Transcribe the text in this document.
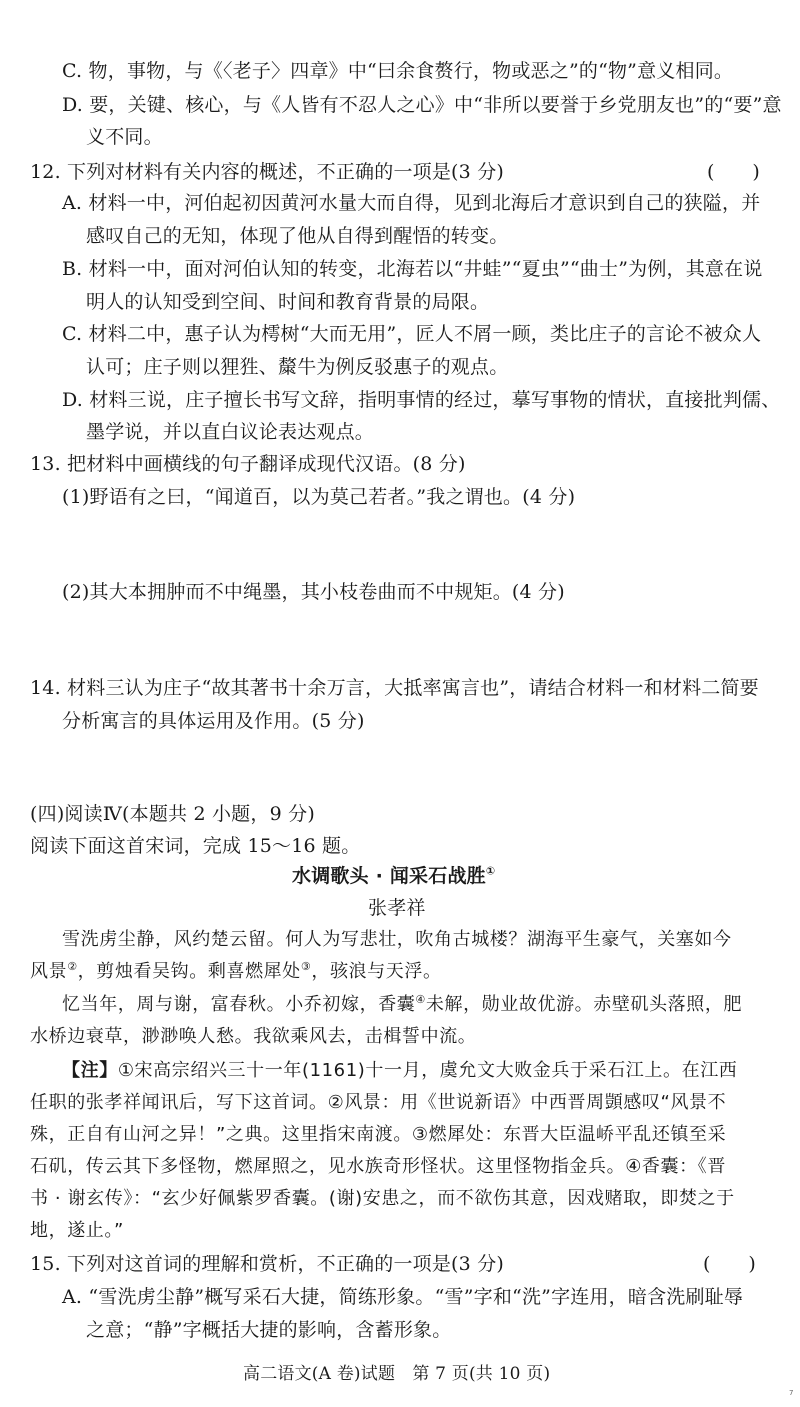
C. 物，事物，与《〈老子〉四章》中“曰余食赘行，物或恶之”的“物”意义相同。
D. 要，关键、核心，与《人皆有不忍人之心》中“非所以要誉于乡党朋友也”的“要”意
义不同。
12. 下列对材料有关内容的概述，不正确的一项是(3 分)	(　　)
A. 材料一中，河伯起初因黄河水量大而自得，见到北海后才意识到自己的狭隘，并
感叹自己的无知，体现了他从自得到醒悟的转变。
B. 材料一中，面对河伯认知的转变，北海若以“井蛙”“夏虫”“曲士”为例，其意在说
明人的认知受到空间、时间和教育背景的局限。
C. 材料二中，惠子认为樗树“大而无用”，匠人不屑一顾，类比庄子的言论不被众人
认可；庄子则以狸狌、斄牛为例反驳惠子的观点。
D. 材料三说，庄子擅长书写文辞，指明事情的经过，摹写事物的情状，直接批判儒、
墨学说，并以直白议论表达观点。
13. 把材料中画横线的句子翻译成现代汉语。(8 分)
(1)野语有之曰，“闻道百，以为莫己若者。”我之谓也。(4 分)
(2)其大本拥肿而不中绳墨，其小枝卷曲而不中规矩。(4 分)
14. 材料三认为庄子“故其著书十余万言，大抵率寓言也”，请结合材料一和材料二简要
分析寓言的具体运用及作用。(5 分)
(四)阅读Ⅳ(本题共 2 小题，9 分)
阅读下面这首宋词，完成 15～16 题。
水调歌头 · 闻采石战胜①
张孝祥
雪洗虏尘静，风约楚云留。何人为写悲壮，吹角古城楼？湖海平生豪气，关塞如今
风景②，剪烛看吴钩。剩喜燃犀处③，骇浪与天浮。
忆当年，周与谢，富春秋。小乔初嫁，香囊④未解，勋业故优游。赤壁矶头落照，肥
水桥边衰草，渺渺唤人愁。我欲乘风去，击楫誓中流。
【注】①宋高宗绍兴三十一年(1161)十一月，虞允文大败金兵于采石江上。在江西
任职的张孝祥闻讯后，写下这首词。②风景：用《世说新语》中西晋周顗感叹“风景不
殊，正自有山河之异！”之典。这里指宋南渡。③燃犀处：东晋大臣温峤平乱还镇至采
石矶，传云其下多怪物，燃犀照之，见水族奇形怪状。这里怪物指金兵。④香囊：《晋
书 · 谢玄传》：“玄少好佩紫罗香囊。(谢)安患之，而不欲伤其意，因戏赌取，即焚之于
地，遂止。”
15. 下列对这首词的理解和赏析，不正确的一项是(3 分)	(　　)
A. “雪洗虏尘静”概写采石大捷，简练形象。“雪”字和“洗”字连用，暗含洗刷耻辱
之意；“静”字概括大捷的影响，含蓄形象。
高二语文(A 卷)试题　第 7 页(共 10 页)
7
